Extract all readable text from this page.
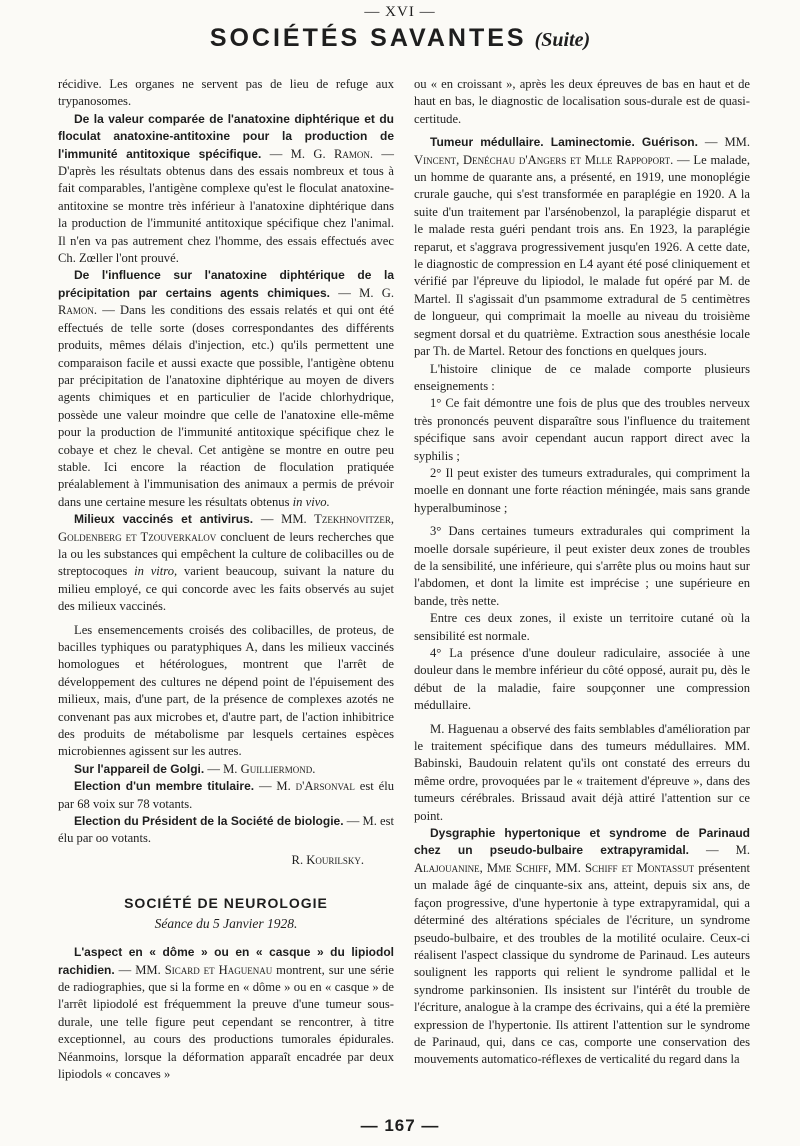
— XVI —
SOCIÉTÉS SAVANTES (Suite)

récidive. Les organes ne servent pas de lieu de refuge aux trypanosomes.

De la valeur comparée de l'anatoxine diphtérique et du floculat anatoxine-antitoxine pour la production de l'immunité antitoxique spécifique. — M. G. Ramon. — D'après les résultats obtenus dans des essais nombreux et tous à fait comparables, l'antigène complexe qu'est le floculat anatoxine-antitoxine se montre très inférieur à l'anatoxine diphtérique dans la production de l'immunité antitoxique spécifique chez l'animal. Il n'en va pas autrement chez l'homme, des essais effectués avec Ch. Zœller l'ont prouvé.

De l'influence sur l'anatoxine diphtérique de la précipitation par certains agents chimiques. — M. G. Ramon. — Dans les conditions des essais relatés et qui ont été effectués de telle sorte (doses correspondantes des différents produits, mêmes délais d'injection, etc.) qu'ils permettent une comparaison facile et aussi exacte que possible, l'antigène obtenu par précipitation de l'anatoxine diphtérique au moyen de divers agents chimiques et en particulier de l'acide chlorhydrique, possède une valeur moindre que celle de l'anatoxine elle-même pour la production de l'immunité antitoxique spécifique chez le cobaye et chez le cheval. Cet antigène se montre en outre peu stable. Ici encore la réaction de floculation pratiquée préalablement à l'immunisation des animaux a permis de prévoir dans une certaine mesure les résultats obtenus in vivo.

Milieux vaccinés et antivirus. — MM. Tzekhnovitzer, Goldenberg et Tzouverkalov concluent de leurs recherches que la ou les substances qui empêchent la culture de colibacilles ou de streptocoques in vitro, varient beaucoup, suivant la nature du milieu employé, ce qui concorde avec les faits observés au sujet des milieux vaccinés.

Les ensemencements croisés des colibacilles, de proteus, de bacilles typhiques ou paratyphiques A, dans les milieux vaccinés homologues et hétérologues, montrent que l'arrêt de développement des cultures ne dépend point de l'épuisement des milieux, mais, d'une part, de la présence de complexes azotés ne convenant pas aux microbes et, d'autre part, de l'action inhibitrice des produits de métabolisme par lesquels certaines espèces microbiennes agissent sur les autres.

Sur l'appareil de Golgi. — M. Guilliermond.

Election d'un membre titulaire. — M. d'Arsonval est élu par 68 voix sur 78 votants.

Election du Président de la Société de biologie. — M. est élu par oo votants.

R. Kourilsky.

SOCIÉTÉ DE NEUROLOGIE

Séance du 5 Janvier 1928.

L'aspect en « dôme » ou en « casque » du lipiodol rachidien. — MM. Sicard et Haguenau montrent, sur une série de radiographies, que si la forme en « dôme » ou en « casque » de l'arrêt lipiodolé est fréquemment la preuve d'une tumeur sous-durale, une telle figure peut cependant se rencontrer, à titre exceptionnel, au cours des productions tumorales épidurales. Néanmoins, lorsque la déformation apparaît encadrée par deux lipiodols « concaves »

ou « en croissant », après les deux épreuves de bas en haut et de haut en bas, le diagnostic de localisation sous-durale est de quasi-certitude.

Tumeur médullaire. Laminectomie. Guérison. — MM. Vincent, Denéchau d'Angers et Mlle Rappoport. — Le malade, un homme de quarante ans, a présenté, en 1919, une monoplégie crurale gauche, qui s'est transformée en paraplégie en 1920. A la suite d'un traitement par l'arsénobenzol, la paraplégie disparut et le malade resta guéri pendant trois ans. En 1923, la paraplégie reparut, et s'aggrava progressivement jusqu'en 1926. A cette date, le diagnostic de compression en L4 ayant été posé cliniquement et vérifié par l'épreuve du lipiodol, le malade fut opéré par M. de Martel. Il s'agissait d'un psammome extradural de 5 centimètres de longueur, qui comprimait la moelle au niveau du troisième segment dorsal et du quatrième. Extraction sous anesthésie locale par Th. de Martel. Retour des fonctions en quelques jours.

L'histoire clinique de ce malade comporte plusieurs enseignements :

1° Ce fait démontre une fois de plus que des troubles nerveux très prononcés peuvent disparaître sous l'influence du traitement spécifique sans avoir cependant aucun rapport direct avec la syphilis ;

2° Il peut exister des tumeurs extradurales, qui compriment la moelle en donnant une forte réaction méningée, mais sans grande hyperalbuminose ;

3° Dans certaines tumeurs extradurales qui compriment la moelle dorsale supérieure, il peut exister deux zones de troubles de la sensibilité, une inférieure, qui s'arrête plus ou moins haut sur l'abdomen, et dont la limite est imprécise ; une supérieure en bande, très nette.

Entre ces deux zones, il existe un territoire cutané où la sensibilité est normale.

4° La présence d'une douleur radiculaire, associée à une douleur dans le membre inférieur du côté opposé, aurait pu, dès le début de la maladie, faire soupçonner une compression médullaire.

M. Haguenau a observé des faits semblables d'amélioration par le traitement spécifique dans des tumeurs médullaires. MM. Babinski, Baudouin relatent qu'ils ont constaté des erreurs du même ordre, provoquées par le « traitement d'épreuve », dans des tumeurs cérébrales. Brissaud avait déjà attiré l'attention sur ce point.

Dysgraphie hypertonique et syndrome de Parinaud chez un pseudo-bulbaire extrapyramidal. — M. Alajouanine, Mme Schiff, MM. Schiff et Montassut présentent un malade âgé de cinquante-six ans, atteint, depuis six ans, de façon progressive, d'une hypertonie à type extrapyramidal, qui a déterminé des altérations spéciales de l'écriture, un syndrome pseudo-bulbaire, et des troubles de la motilité oculaire. Ceux-ci réalisent l'aspect classique du syndrome de Parinaud. Les auteurs soulignent les rapports qui relient le syndrome pallidal et le syndrome parkinsonien. Ils insistent sur l'intérêt du trouble de l'écriture, analogue à la crampe des écrivains, qui a été la première expression de l'hypertonie. Ils attirent l'attention sur le syndrome de Parinaud, qui, dans ce cas, comporte une conservation des mouvements automatico-réflexes de verticalité du regard dans la

— 167 —
